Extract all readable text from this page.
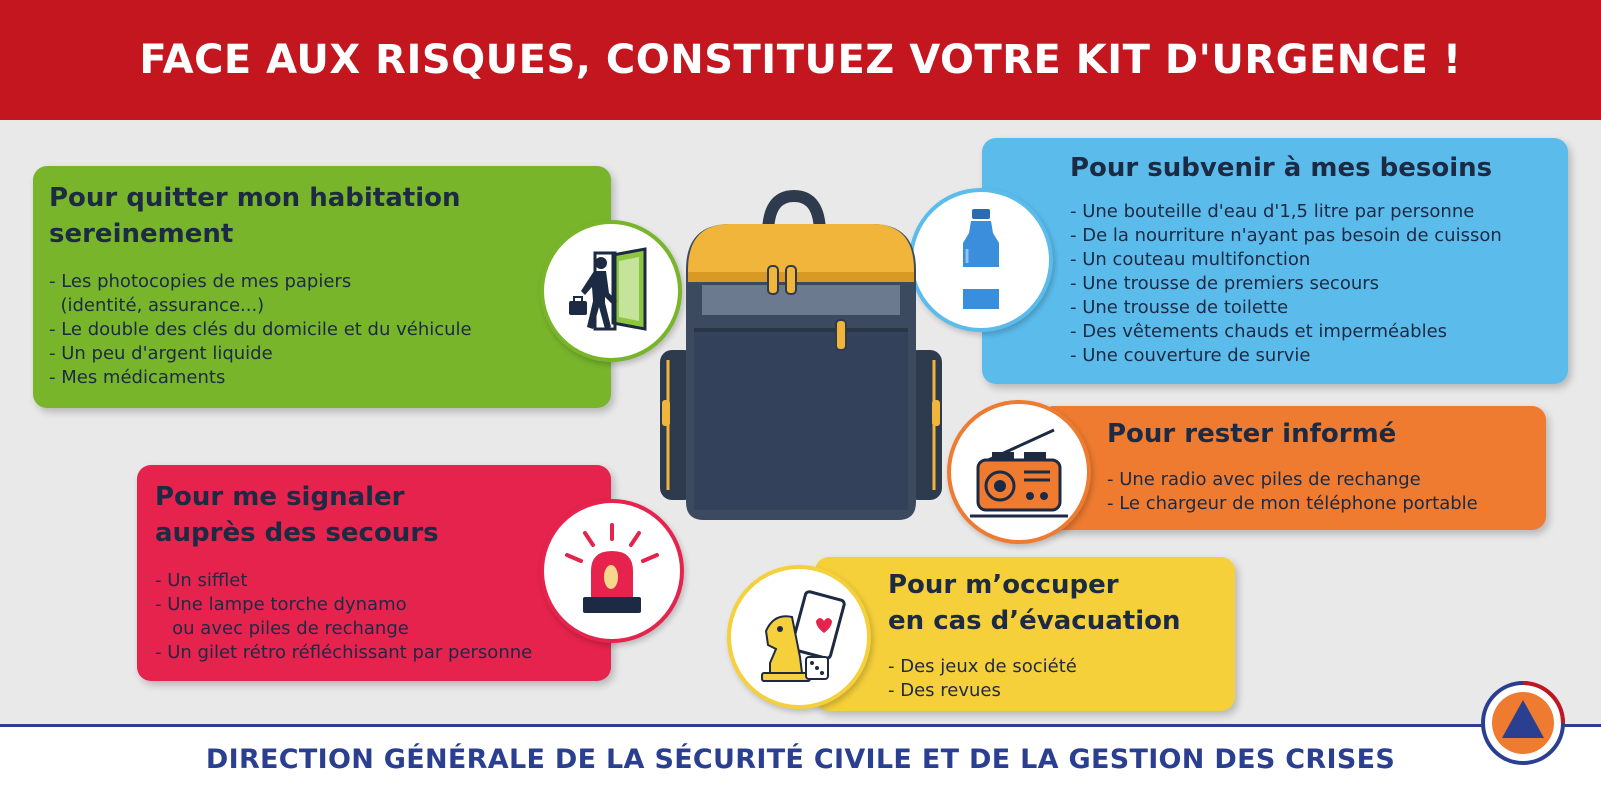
FACE AUX RISQUES, CONSTITUEZ VOTRE KIT D'URGENCE !
Pour quitter mon habitation
sereinement
- Les photocopies de mes papiers
(identité, assurance...)
- Le double des clés du domicile et du véhicule
- Un peu d'argent liquide
- Mes médicaments
Pour subvenir à mes besoins
- Une bouteille d'eau d'1,5 litre par personne
- De la nourriture n'ayant pas besoin de cuisson
- Un couteau multifonction
- Une trousse de premiers secours
- Une trousse de toilette
- Des vêtements chauds et imperméables
- Une couverture de survie
Pour me signaler
auprès des secours
- Un sifflet
- Une lampe torche dynamo
ou avec piles de rechange
- Un gilet rétro réfléchissant par personne
Pour rester informé
- Une radio avec piles de rechange
- Le chargeur de mon téléphone portable
Pour m’occuper
en cas d’évacuation
- Des jeux de société
- Des revues
DIRECTION GÉNÉRALE DE LA SÉCURITÉ CIVILE ET DE LA GESTION DES CRISES
